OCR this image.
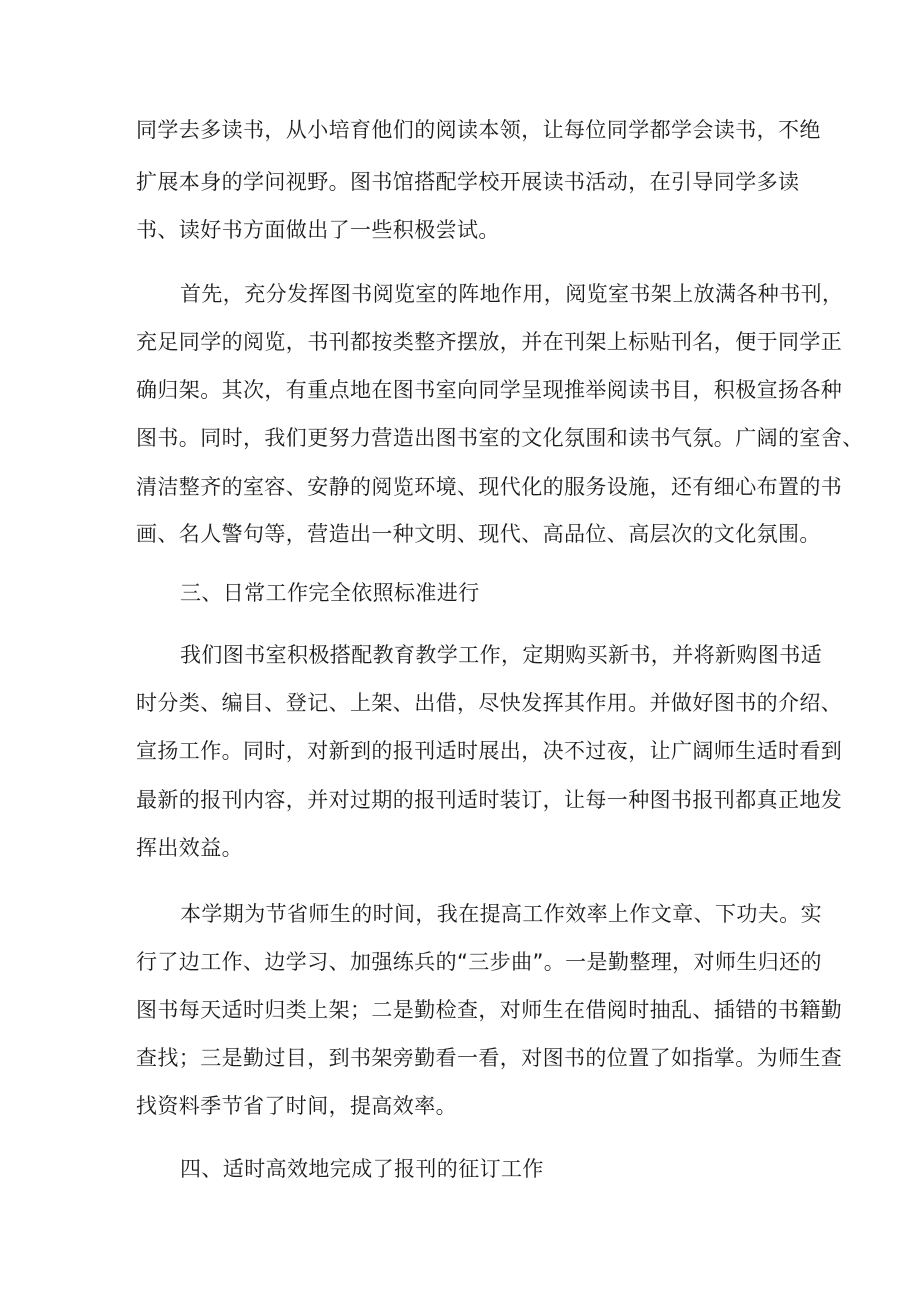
同学去多读书，从小培育他们的阅读本领，让每位同学都学会读书，不绝
扩展本身的学问视野。图书馆搭配学校开展读书活动，在引导同学多读
书、读好书方面做出了一些积极尝试。
首先，充分发挥图书阅览室的阵地作用，阅览室书架上放满各种书刊，
充足同学的阅览，书刊都按类整齐摆放，并在刊架上标贴刊名，便于同学正
确归架。其次，有重点地在图书室向同学呈现推举阅读书目，积极宣扬各种
图书。同时，我们更努力营造出图书室的文化氛围和读书气氛。广阔的室舍、
清洁整齐的室容、安静的阅览环境、现代化的服务设施，还有细心布置的书
画、名人警句等，营造出一种文明、现代、高品位、高层次的文化氛围。
三、日常工作完全依照标准进行
我们图书室积极搭配教育教学工作，定期购买新书，并将新购图书适
时分类、编目、登记、上架、出借，尽快发挥其作用。并做好图书的介绍、
宣扬工作。同时，对新到的报刊适时展出，决不过夜，让广阔师生适时看到
最新的报刊内容，并对过期的报刊适时装订，让每一种图书报刊都真正地发
挥出效益。
本学期为节省师生的时间，我在提高工作效率上作文章、下功夫。实
行了边工作、边学习、加强练兵的“三步曲”。一是勤整理，对师生归还的
图书每天适时归类上架；二是勤检查，对师生在借阅时抽乱、插错的书籍勤
查找；三是勤过目，到书架旁勤看一看，对图书的位置了如指掌。为师生查
找资料季节省了时间，提高效率。
四、适时高效地完成了报刊的征订工作
